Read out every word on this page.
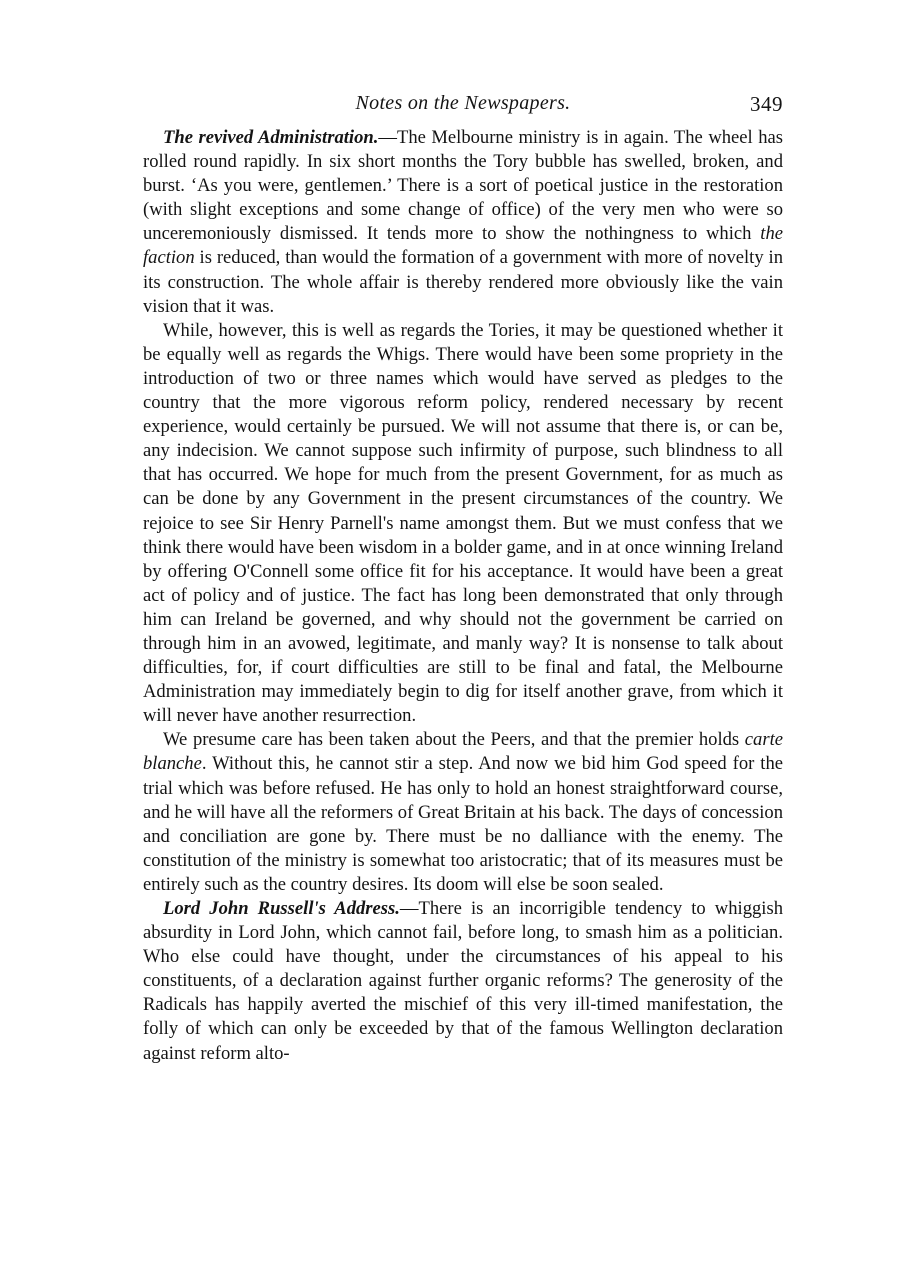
Notes on the Newspapers.	349

The revived Administration.—The Melbourne ministry is in again. The wheel has rolled round rapidly. In six short months the Tory bubble has swelled, broken, and burst. ‘As you were, gentlemen.’ There is a sort of poetical justice in the restoration (with slight exceptions and some change of office) of the very men who were so unceremoniously dismissed. It tends more to show the nothingness to which the faction is reduced, than would the formation of a government with more of novelty in its construction. The whole affair is thereby rendered more obviously like the vain vision that it was.

While, however, this is well as regards the Tories, it may be questioned whether it be equally well as regards the Whigs. There would have been some propriety in the introduction of two or three names which would have served as pledges to the country that the more vigorous reform policy, rendered necessary by recent experience, would certainly be pursued. We will not assume that there is, or can be, any indecision. We cannot suppose such infirmity of purpose, such blindness to all that has occurred. We hope for much from the present Government, for as much as can be done by any Government in the present circumstances of the country. We rejoice to see Sir Henry Parnell's name amongst them. But we must confess that we think there would have been wisdom in a bolder game, and in at once winning Ireland by offering O'Connell some office fit for his acceptance. It would have been a great act of policy and of justice. The fact has long been demonstrated that only through him can Ireland be governed, and why should not the government be carried on through him in an avowed, legitimate, and manly way? It is nonsense to talk about difficulties, for, if court difficulties are still to be final and fatal, the Melbourne Administration may immediately begin to dig for itself another grave, from which it will never have another resurrection.

We presume care has been taken about the Peers, and that the premier holds carte blanche. Without this, he cannot stir a step. And now we bid him God speed for the trial which was before refused. He has only to hold an honest straightforward course, and he will have all the reformers of Great Britain at his back. The days of concession and conciliation are gone by. There must be no dalliance with the enemy. The constitution of the ministry is somewhat too aristocratic; that of its measures must be entirely such as the country desires. Its doom will else be soon sealed.

Lord John Russell's Address.—There is an incorrigible tendency to whiggish absurdity in Lord John, which cannot fail, before long, to smash him as a politician. Who else could have thought, under the circumstances of his appeal to his constituents, of a declaration against further organic reforms? The generosity of the Radicals has happily averted the mischief of this very ill-timed manifestation, the folly of which can only be exceeded by that of the famous Wellington declaration against reform alto-
